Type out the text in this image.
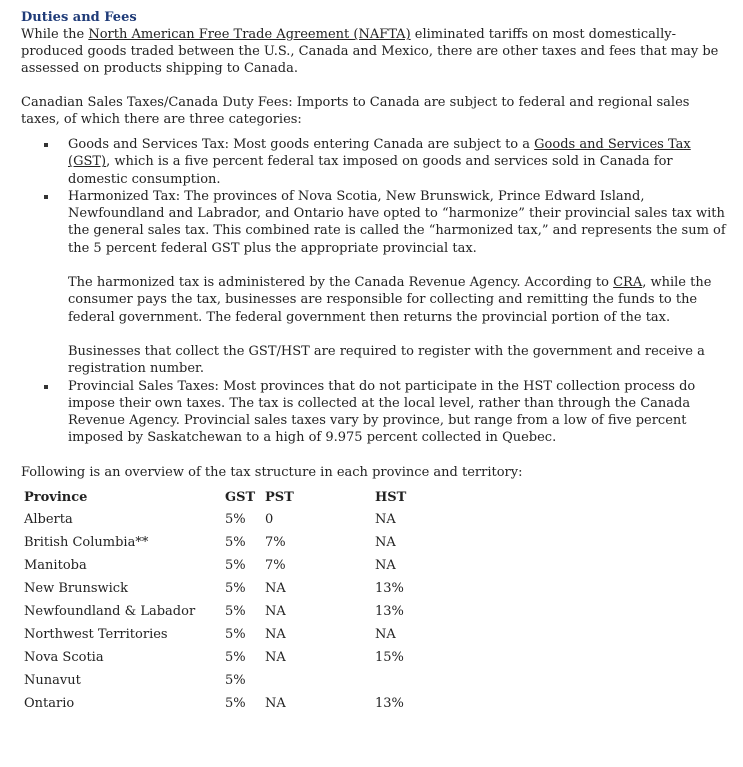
Duties and Fees

While the North American Free Trade Agreement (NAFTA) eliminated tariffs on most domestically-produced goods traded between the U.S., Canada and Mexico, there are other taxes and fees that may be assessed on products shipping to Canada.

Canadian Sales Taxes/Canada Duty Fees: Imports to Canada are subject to federal and regional sales taxes, of which there are three categories:

Goods and Services Tax: Most goods entering Canada are subject to a Goods and Services Tax (GST), which is a five percent federal tax imposed on goods and services sold in Canada for domestic consumption.
Harmonized Tax: The provinces of Nova Scotia, New Brunswick, Prince Edward Island, Newfoundland and Labrador, and Ontario have opted to “harmonize” their provincial sales tax with the general sales tax. This combined rate is called the “harmonized tax,” and represents the sum of the 5 percent federal GST plus the appropriate provincial tax.
The harmonized tax is administered by the Canada Revenue Agency. According to CRA, while the consumer pays the tax, businesses are responsible for collecting and remitting the funds to the federal government. The federal government then returns the provincial portion of the tax.
Businesses that collect the GST/HST are required to register with the government and receive a registration number.
Provincial Sales Taxes: Most provinces that do not participate in the HST collection process do impose their own taxes. The tax is collected at the local level, rather than through the Canada Revenue Agency. Provincial sales taxes vary by province, but range from a low of five percent imposed by Saskatchewan to a high of 9.975 percent collected in Quebec.

Following is an overview of the tax structure in each province and territory:

Province	GST	PST	HST
Alberta	5%	0	NA
British Columbia**	5%	7%	NA
Manitoba	5%	7%	NA
New Brunswick	5%	NA	13%
Newfoundland & Labador	5%	NA	13%
Northwest Territories	5%	NA	NA
Nova Scotia	5%	NA	15%
Nunavut	5%		
Ontario	5%	NA	13%
